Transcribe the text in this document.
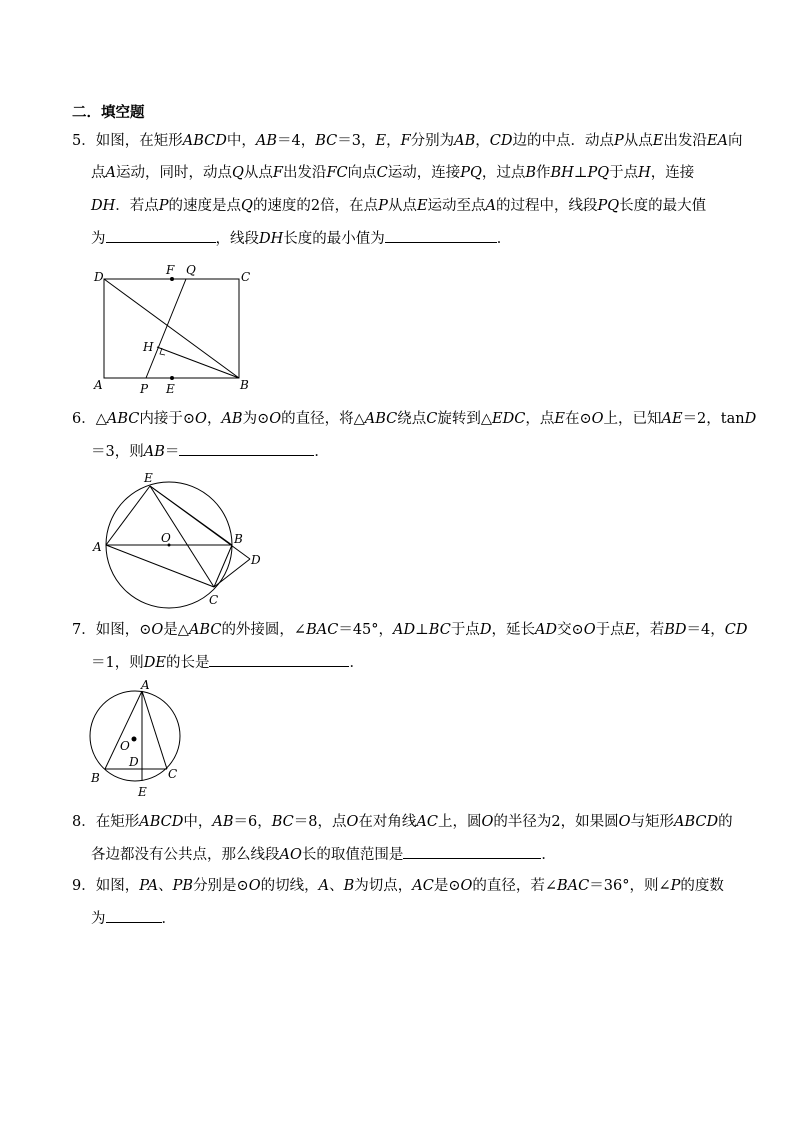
二．填空题
5．如图，在矩形ABCD中，AB＝4，BC＝3，E，F分别为AB，CD边的中点．动点P从点E出发沿EA向
点A运动，同时，动点Q从点F出发沿FC向点C运动，连接PQ，过点B作BH⊥PQ于点H，连接
DH．若点P的速度是点Q的速度的2倍，在点P从点E运动至点A的过程中，线段PQ长度的最大值
为	，线段DH长度的最小值为	．
D	F Q	C
H
A	P E	B
6．△ABC内接于⊙O，AB为⊙O的直径，将△ABC绕点C旋转到△EDC，点E在⊙O上，已知AE＝2，tanD
＝3，则AB＝	．
E
A
O	B
D
C
7．如图，⊙O是△ABC的外接圆，∠BAC＝45°，AD⊥BC于点D，延长AD交⊙O于点E，若BD＝4，CD
＝1，则DE的长是	．
A
O
D
B	C
E
8．在矩形ABCD中，AB＝6，BC＝8，点O在对角线AC上，圆O的半径为2，如果圆O与矩形ABCD的
各边都没有公共点，那么线段AO长的取值范围是	．
9．如图，PA、PB分别是⊙O的切线，A、B为切点，AC是⊙O的直径，若∠BAC＝36°，则∠P的度数
为	．
